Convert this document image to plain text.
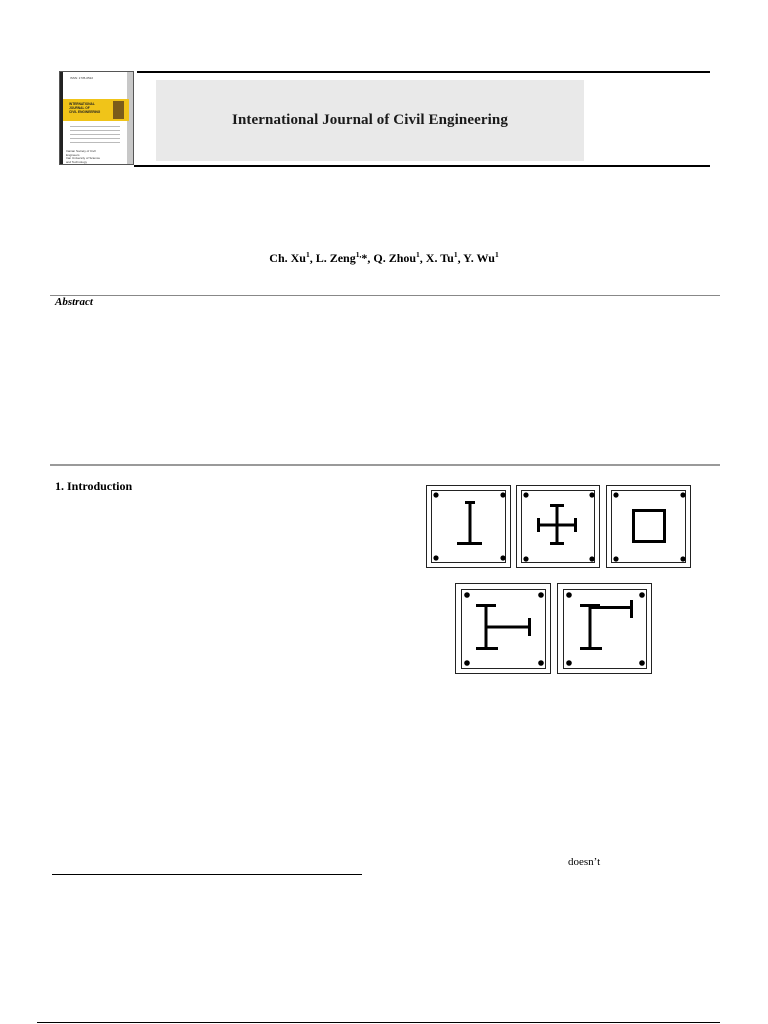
ISSN: 1735-0522
INTERNATIONAL
JOURNAL OF
CIVIL ENGINEERING
Iranian Society of Civil
Engineers
Iran University of Science
and Technology
International Journal of Civil Engineering
Ch. Xu$^1$, L. Zeng$^{1,}$*, Q. Zhou$^1$, X. Tu$^1$, Y. Wu$^1$
Abstract
1. Introduction
doesn’t
